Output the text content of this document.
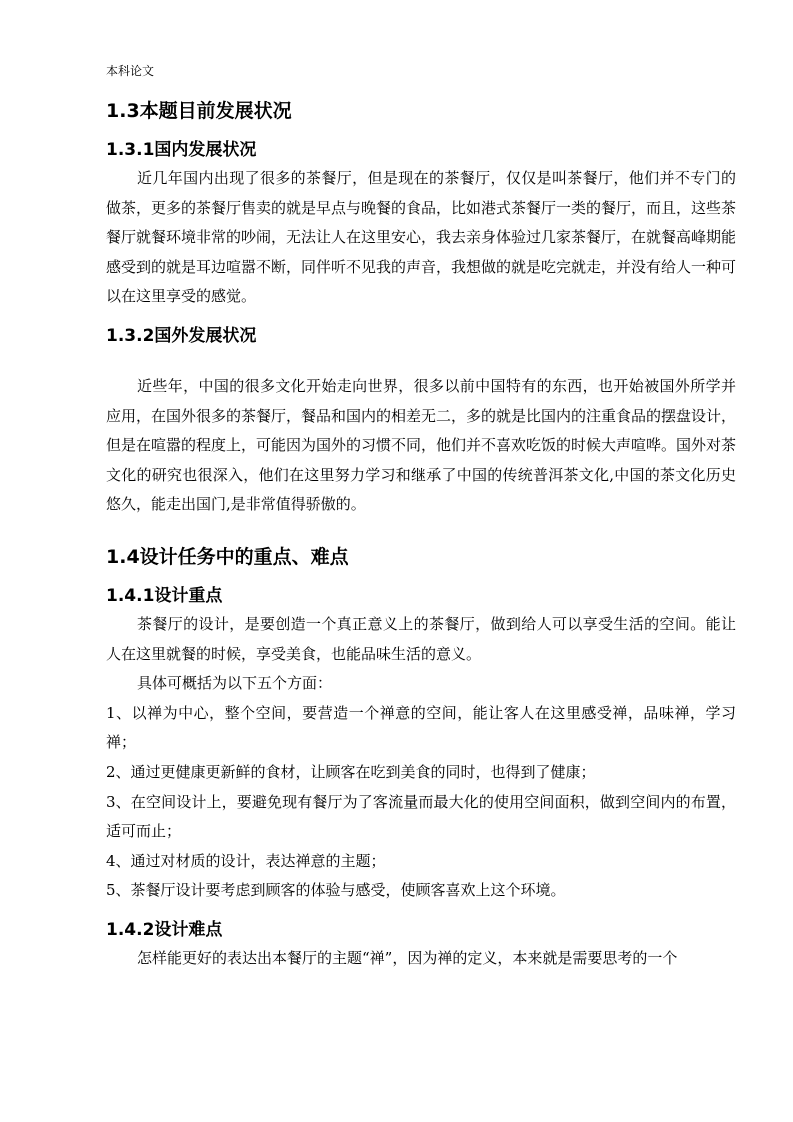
本科论文
1.3本题目前发展状况
1.3.1国内发展状况

近几年国内出现了很多的茶餐厅，但是现在的茶餐厅，仅仅是叫茶餐厅，他们并不专门的做茶，更多的茶餐厅售卖的就是早点与晚餐的食品，比如港式茶餐厅一类的餐厅，而且，这些茶餐厅就餐环境非常的吵闹，无法让人在这里安心，我去亲身体验过几家茶餐厅，在就餐高峰期能感受到的就是耳边喧嚣不断，同伴听不见我的声音，我想做的就是吃完就走，并没有给人一种可以在这里享受的感觉。

1.3.2国外发展状况

近些年，中国的很多文化开始走向世界，很多以前中国特有的东西，也开始被国外所学并应用，在国外很多的茶餐厅，餐品和国内的相差无二，多的就是比国内的注重食品的摆盘设计，但是在喧嚣的程度上，可能因为国外的习惯不同，他们并不喜欢吃饭的时候大声喧哗。国外对茶文化的研究也很深入，他们在这里努力学习和继承了中国的传统普洱茶文化,中国的茶文化历史悠久，能走出国门,是非常值得骄傲的。

1.4设计任务中的重点、难点
1.4.1设计重点

茶餐厅的设计，是要创造一个真正意义上的茶餐厅，做到给人可以享受生活的空间。能让人在这里就餐的时候，享受美食，也能品味生活的意义。

具体可概括为以下五个方面：

1、以禅为中心，整个空间，要营造一个禅意的空间，能让客人在这里感受禅，品味禅，学习禅；

2、通过更健康更新鲜的食材，让顾客在吃到美食的同时，也得到了健康；

3、在空间设计上，要避免现有餐厅为了客流量而最大化的使用空间面积，做到空间内的布置，适可而止；

4、通过对材质的设计，表达禅意的主题；

5、茶餐厅设计要考虑到顾客的体验与感受，使顾客喜欢上这个环境。

1.4.2设计难点

怎样能更好的表达出本餐厅的主题“禅”，因为禅的定义，本来就是需要思考的一个
